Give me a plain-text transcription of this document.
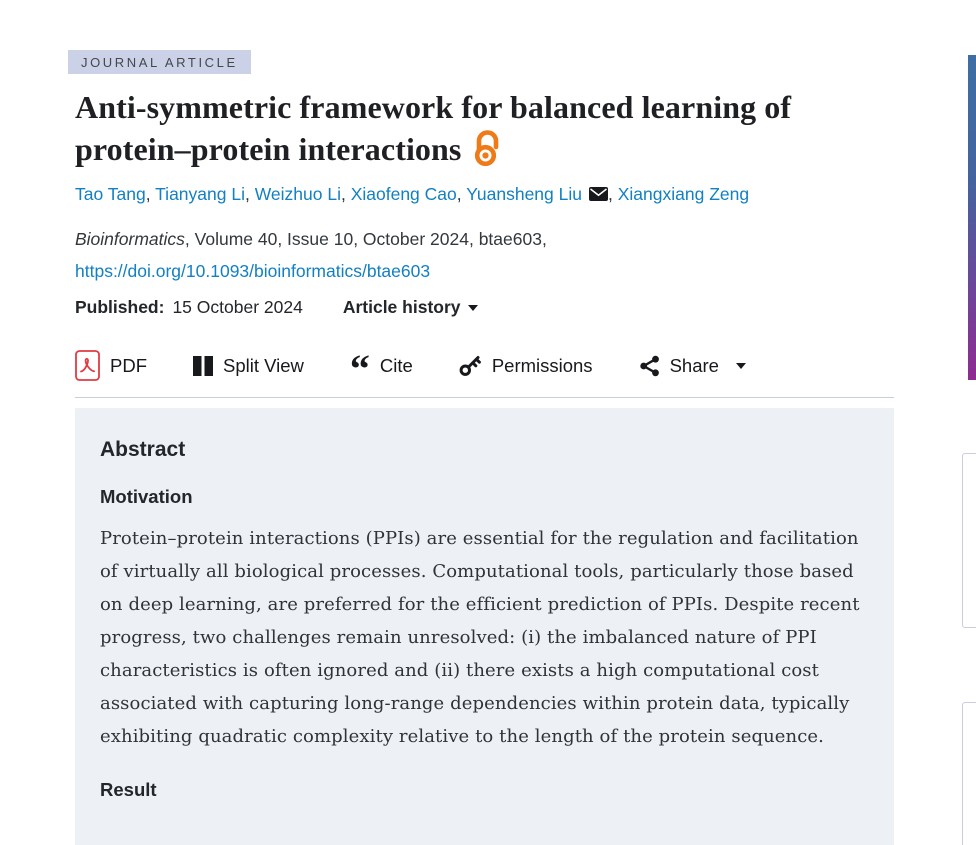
JOURNAL ARTICLE
Anti-symmetric framework for balanced learning of protein–protein interactions
Tao Tang, Tianyang Li, Weizhuo Li, Xiaofeng Cao, Yuansheng Liu , Xiangxiang Zeng
Bioinformatics, Volume 40, Issue 10, October 2024, btae603,
https://doi.org/10.1093/bioinformatics/btae603
Published: 15 October 2024 Article history
PDF	Split View “ Cite	Permissions	Share
Abstract
Motivation

Protein–protein interactions (PPIs) are essential for the regulation and facilitation of virtually all biological processes. Computational tools, particularly those based on deep learning, are preferred for the efficient prediction of PPIs. Despite recent progress, two challenges remain unresolved: (i) the imbalanced nature of PPI characteristics is often ignored and (ii) there exists a high computational cost associated with capturing long-range dependencies within protein data, typically exhibiting quadratic complexity relative to the length of the protein sequence.

Result
